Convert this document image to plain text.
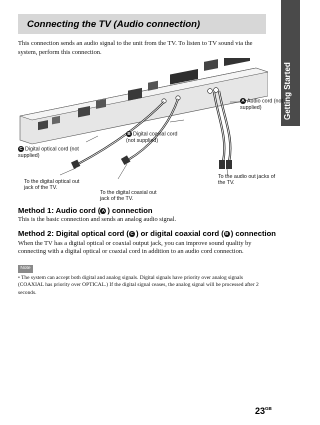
Getting Started
Connecting the TV (Audio connection)
This connection sends an audio signal to the unit from the TV. To listen to TV sound via the system, perform this connection.
A Audio cord (not supplied)
B Digital coaxial cord (not supplied)
C Digital optical cord (not supplied)
To the digital optical out jack of the TV.
To the audio out jacks of the TV.
To the digital coaxial out jack of the TV.
Method 1: Audio cord (A ) connection
This is the basic connection and sends an analog audio signal.
Method 2: Digital optical cord (C ) or digital coaxial cord (B ) connection
When the TV has a digital optical or coaxial output jack, you can improve sound quality by connecting with a digital optical or coaxial cord in addition to an audio cord connection.
Note
• The system can accept both digital and analog signals. Digital signals have priority over analog signals (COAXIAL has priority over OPTICAL.) If the digital signal ceases, the analog signal will be processed after 2 seconds.
$23^{GB}$
